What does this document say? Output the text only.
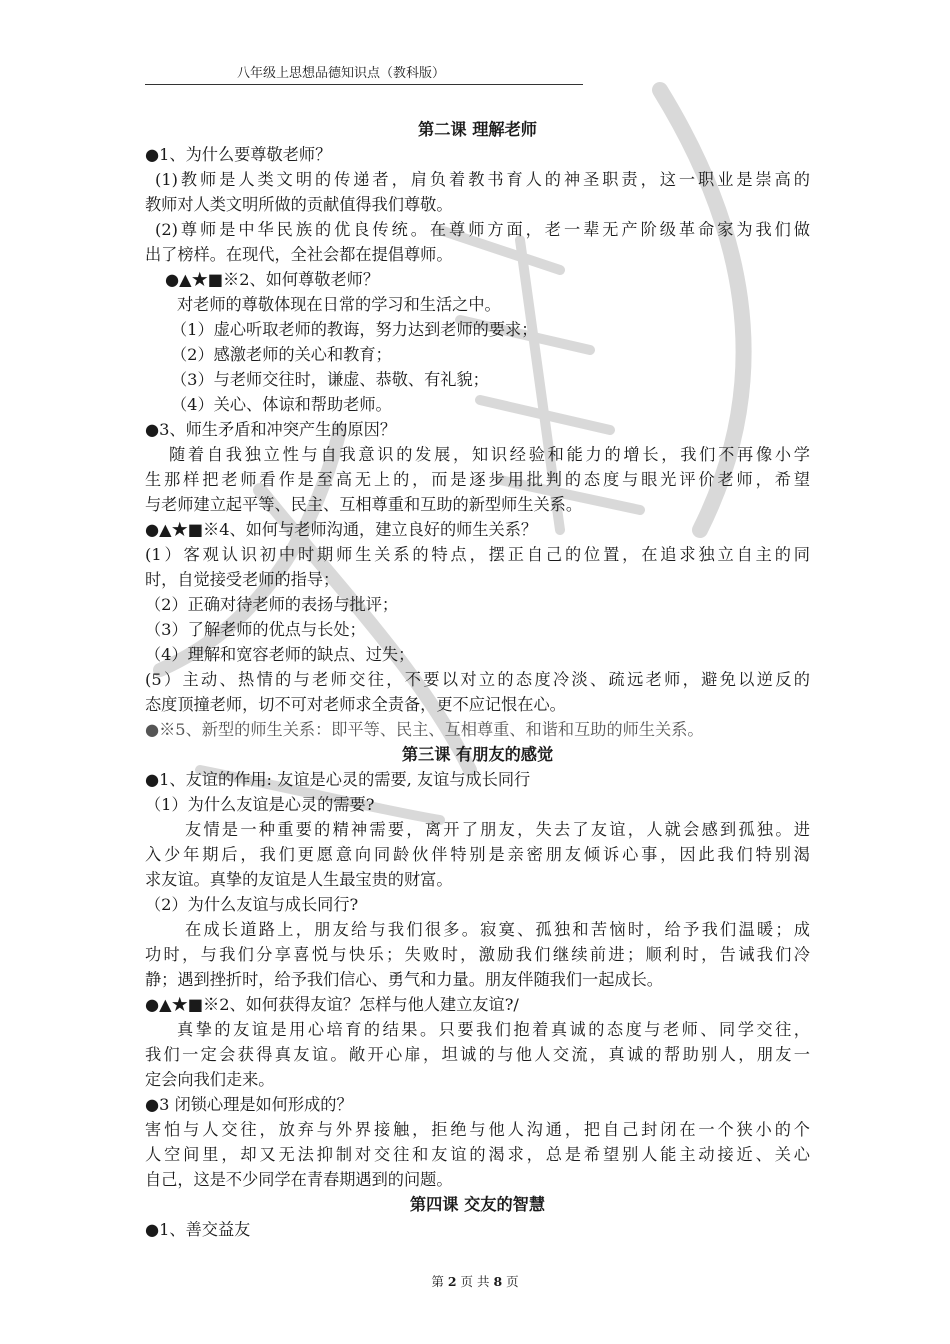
八年级上思想品德知识点（教科版）
第二课 理解老师
●1、为什么要尊敬老师？
(1)教师是人类文明的传递者，肩负着教书育人的神圣职责，这一职业是崇高的
教师对人类文明所做的贡献值得我们尊敬。
(2)尊师是中华民族的优良传统。在尊师方面，老一辈无产阶级革命家为我们做
出了榜样。在现代，全社会都在提倡尊师。
●▲★■※2、如何尊敬老师？
对老师的尊敬体现在日常的学习和生活之中。
（1）虚心听取老师的教诲，努力达到老师的要求；
（2）感激老师的关心和教育；
（3）与老师交往时，谦虚、恭敬、有礼貌；
（4）关心、体谅和帮助老师。
●3、师生矛盾和冲突产生的原因？
随着自我独立性与自我意识的发展，知识经验和能力的增长，我们不再像小学
生那样把老师看作是至高无上的，而是逐步用批判的态度与眼光评价老师，希望
与老师建立起平等、民主、互相尊重和互助的新型师生关系。
●▲★■※4、如何与老师沟通，建立良好的师生关系？
(1）客观认识初中时期师生关系的特点，摆正自己的位置，在追求独立自主的同
时，自觉接受老师的指导；
（2）正确对待老师的表扬与批评；
（3）了解老师的优点与长处；
（4）理解和宽容老师的缺点、过失；
(5）主动、热情的与老师交往，不要以对立的态度冷淡、疏远老师，避免以逆反的
态度顶撞老师，切不可对老师求全责备，更不应记恨在心。
●※5、新型的师生关系：即平等、民主、互相尊重、和谐和互助的师生关系。
第三课 有朋友的感觉
●1、友谊的作用: 友谊是心灵的需要, 友谊与成长同行
（1）为什么友谊是心灵的需要?
友情是一种重要的精神需要，离开了朋友，失去了友谊，人就会感到孤独。进
入少年期后，我们更愿意向同龄伙伴特别是亲密朋友倾诉心事，因此我们特别渴
求友谊。真挚的友谊是人生最宝贵的财富。
（2）为什么友谊与成长同行?
在成长道路上，朋友给与我们很多。寂寞、孤独和苦恼时，给予我们温暖；成
功时，与我们分享喜悦与快乐；失败时，激励我们继续前进；顺利时，告诫我们冷
静；遇到挫折时，给予我们信心、勇气和力量。朋友伴随我们一起成长。
●▲★■※2、如何获得友谊？怎样与他人建立友谊?/
真挚的友谊是用心培育的结果。只要我们抱着真诚的态度与老师、同学交往，
我们一定会获得真友谊。敞开心扉，坦诚的与他人交流，真诚的帮助别人，朋友一
定会向我们走来。
●3 闭锁心理是如何形成的？
害怕与人交往，放弃与外界接触，拒绝与他人沟通，把自己封闭在一个狭小的个
人空间里，却又无法抑制对交往和友谊的渴求，总是希望别人能主动接近、关心
自己，这是不少同学在青春期遇到的问题。
第四课 交友的智慧
●1、善交益友
第 2 页 共 8 页
